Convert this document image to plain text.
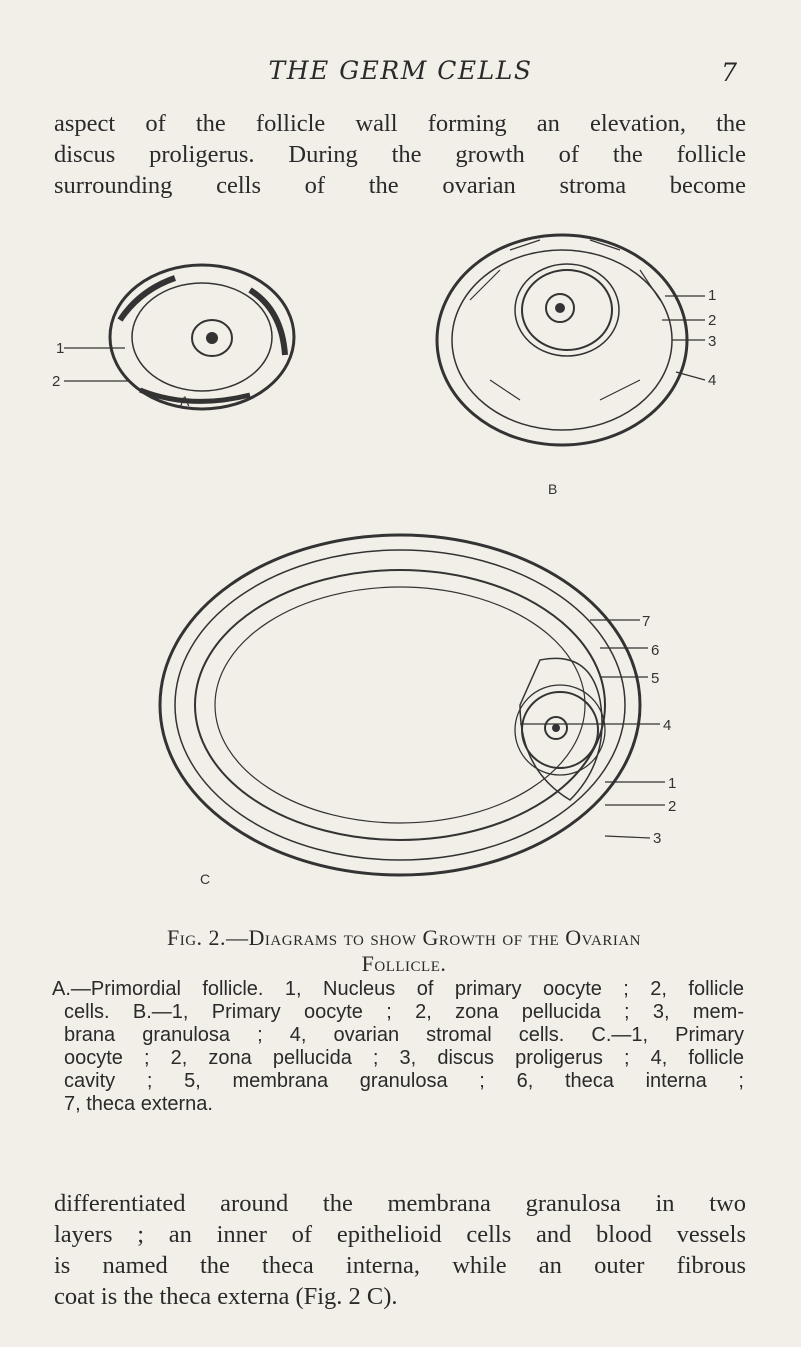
THE GERM CELLS	7
aspect of the follicle wall forming an elevation, the
discus proligerus. During the growth of the follicle
surrounding cells of the ovarian stroma become
1
2
A
1
2
3
4
B
7
6
5
4
1
2
3
C
Fig. 2.—Diagrams to show Growth of the Ovarian
Follicle.
A.—Primordial follicle. 1, Nucleus of primary oocyte ; 2, follicle
cells. B.—1, Primary oocyte ; 2, zona pellucida ; 3, mem-
brana granulosa ; 4, ovarian stromal cells. C.—1, Primary
oocyte ; 2, zona pellucida ; 3, discus proligerus ; 4, follicle
cavity ; 5, membrana granulosa ; 6, theca interna ;
7, theca externa.
differentiated around the membrana granulosa in two
layers ; an inner of epithelioid cells and blood vessels
is named the theca interna, while an outer fibrous
coat is the theca externa (Fig. 2 C).
